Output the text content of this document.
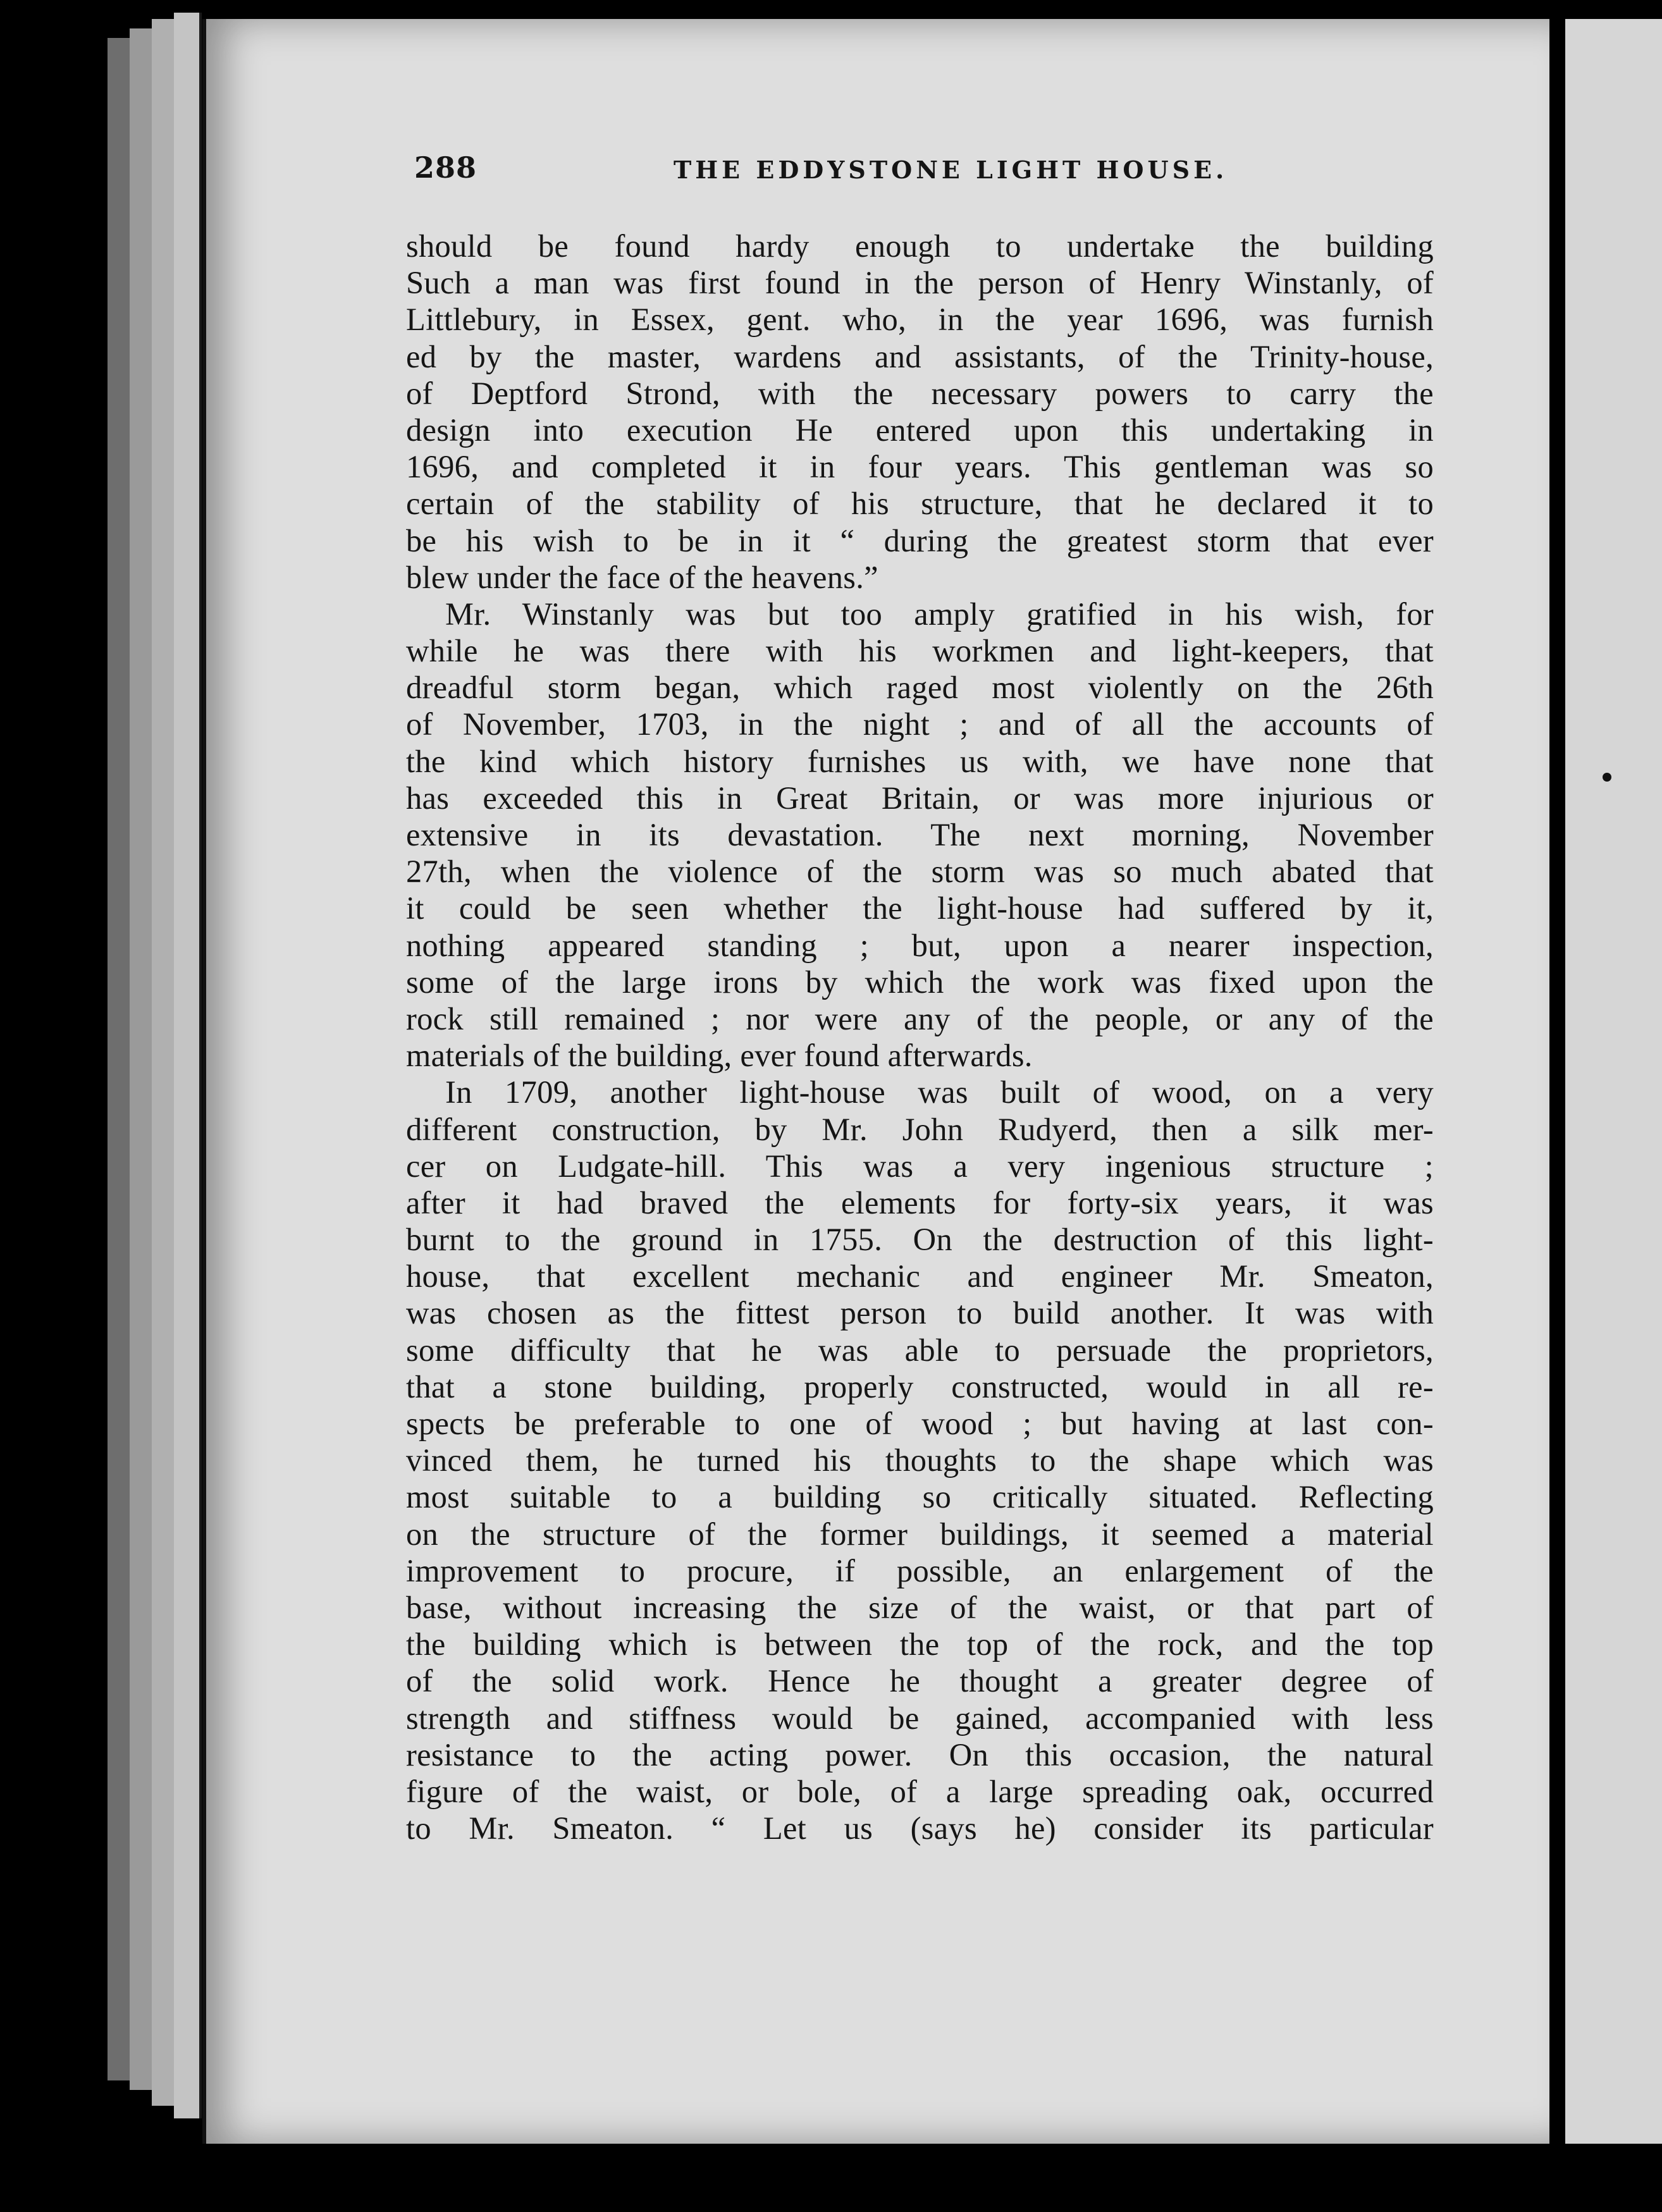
288	THE EDDYSTONE LIGHT HOUSE.
should be found hardy enough to undertake the building
Such a man was first found in the person of Henry Winstanly, of
Littlebury, in Essex, gent. who, in the year 1696, was furnish
ed by the master, wardens and assistants, of the Trinity-house,
of Deptford Strond, with the necessary powers to carry the
design into execution He entered upon this undertaking in
1696, and completed it in four years. This gentleman was so
certain of the stability of his structure, that he declared it to
be his wish to be in it “ during the greatest storm that ever
blew under the face of the heavens.”
Mr. Winstanly was but too amply gratified in his wish, for
while he was there with his workmen and light-keepers, that
dreadful storm began, which raged most violently on the 26th
of November, 1703, in the night ; and of all the accounts of
the kind which history furnishes us with, we have none that
has exceeded this in Great Britain, or was more injurious or
extensive in its devastation. The next morning, November
27th, when the violence of the storm was so much abated that
it could be seen whether the light-house had suffered by it,
nothing appeared standing ; but, upon a nearer inspection,
some of the large irons by which the work was fixed upon the
rock still remained ; nor were any of the people, or any of the
materials of the building, ever found afterwards.
In 1709, another light-house was built of wood, on a very
different construction, by Mr. John Rudyerd, then a silk mer-
cer on Ludgate-hill. This was a very ingenious structure ;
after it had braved the elements for forty-six years, it was
burnt to the ground in 1755. On the destruction of this light-
house, that excellent mechanic and engineer Mr. Smeaton,
was chosen as the fittest person to build another. It was with
some difficulty that he was able to persuade the proprietors,
that a stone building, properly constructed, would in all re-
spects be preferable to one of wood ; but having at last con-
vinced them, he turned his thoughts to the shape which was
most suitable to a building so critically situated. Reflecting
on the structure of the former buildings, it seemed a material
improvement to procure, if possible, an enlargement of the
base, without increasing the size of the waist, or that part of
the building which is between the top of the rock, and the top
of the solid work. Hence he thought a greater degree of
strength and stiffness would be gained, accompanied with less
resistance to the acting power. On this occasion, the natural
figure of the waist, or bole, of a large spreading oak, occurred
to Mr. Smeaton. “ Let us (says he) consider its particular
